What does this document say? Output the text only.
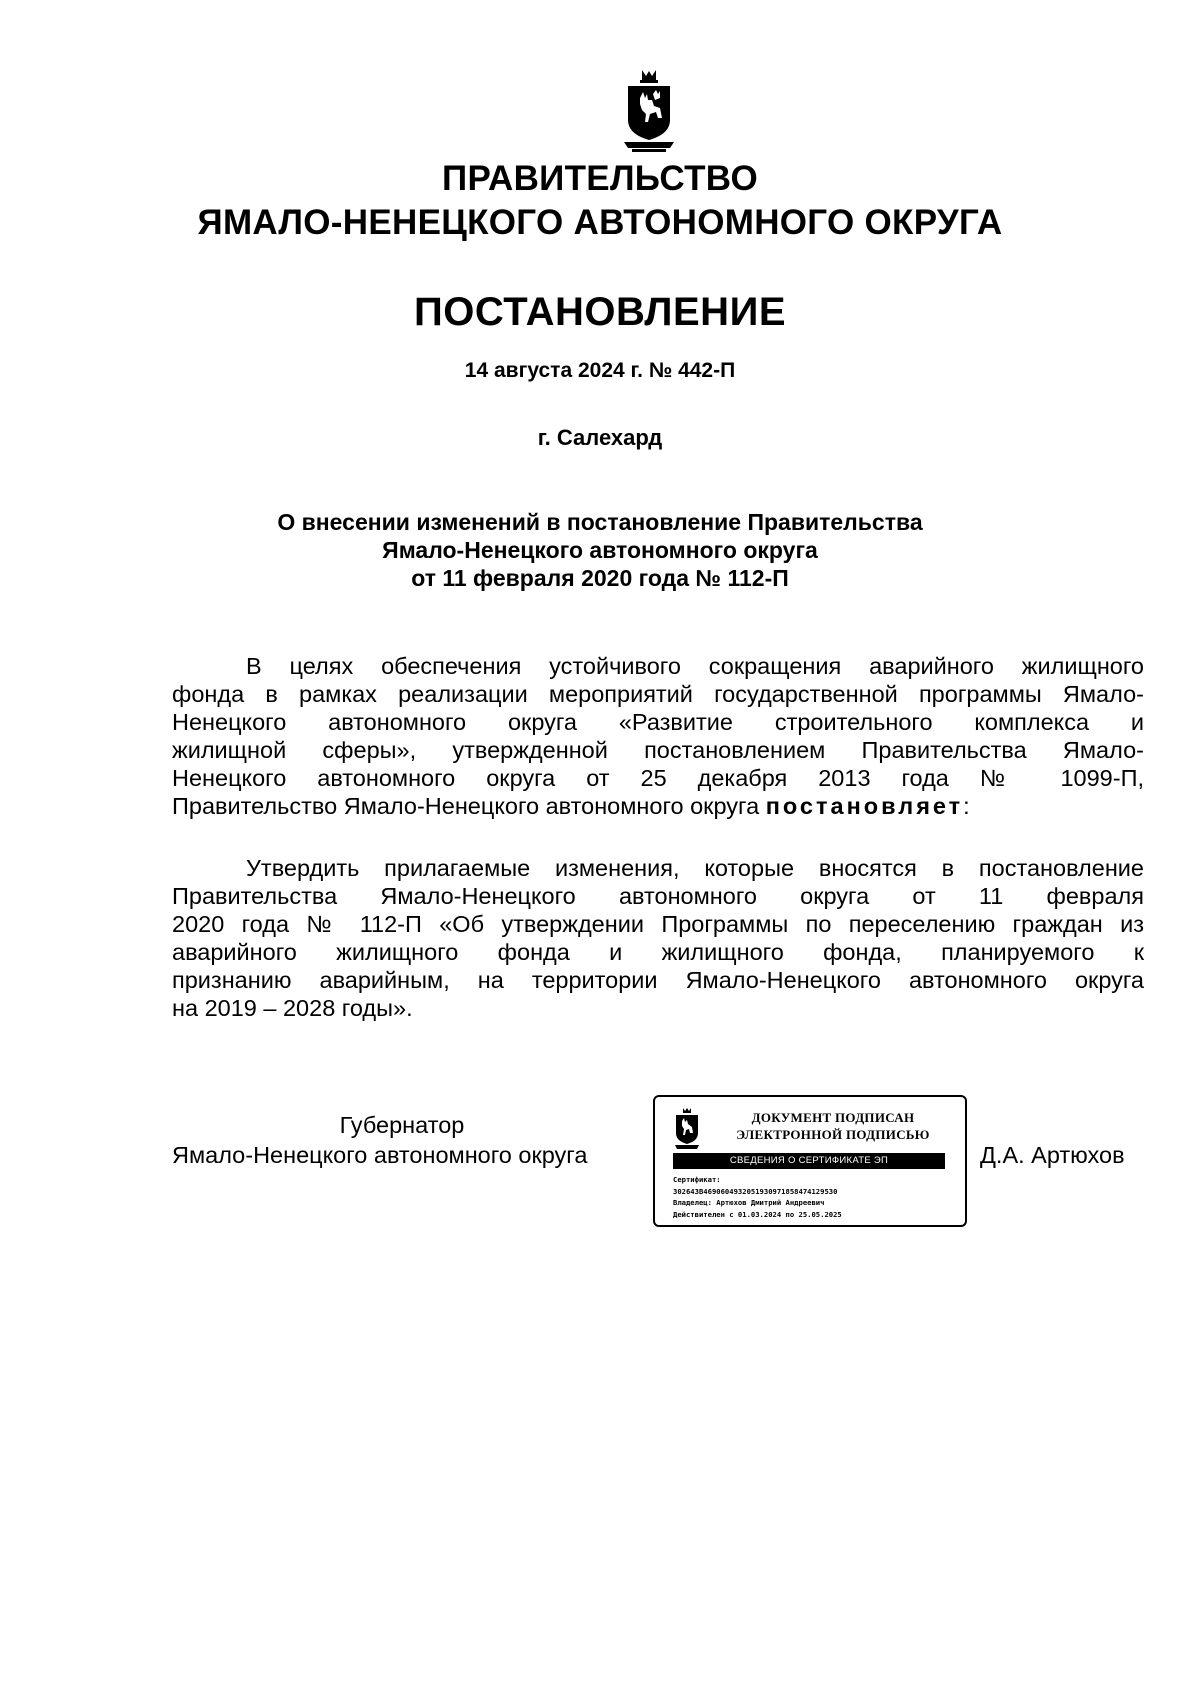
ПРАВИТЕЛЬСТВО
ЯМАЛО-НЕНЕЦКОГО АВТОНОМНОГО ОКРУГА
ПОСТАНОВЛЕНИЕ
14 августа 2024 г. № 442-П
г. Салехард
О внесении изменений в постановление Правительства
Ямало-Ненецкого автономного округа
от 11 февраля 2020 года № 112-П
В целях обеспечения устойчивого сокращения аварийного жилищного
фонда в рамках реализации мероприятий государственной программы Ямало-
Ненецкого автономного округа «Развитие строительного комплекса и
жилищной сферы», утвержденной постановлением Правительства Ямало-
Ненецкого автономного округа от 25 декабря 2013 года № 1099-П,
Правительство Ямало-Ненецкого автономного округа постановляет:
Утвердить прилагаемые изменения, которые вносятся в постановление
Правительства Ямало-Ненецкого автономного округа от 11 февраля
2020 года № 112-П «Об утверждении Программы по переселению граждан из
аварийного жилищного фонда и жилищного фонда, планируемого к
признанию аварийным, на территории Ямало-Ненецкого автономного округа
на 2019 – 2028 годы».
Губернатор
Ямало-Ненецкого автономного округа
ДОКУМЕНТ ПОДПИСАН
ЭЛЕКТРОННОЙ ПОДПИСЬЮ
СВЕДЕНИЯ О СЕРТИФИКАТЕ ЭП
Сертификат:
302643B4690604932051930971858474129530
Владелец: Артюхов Дмитрий Андреевич
Действителен с 01.03.2024 по 25.05.2025
Д.А. Артюхов
